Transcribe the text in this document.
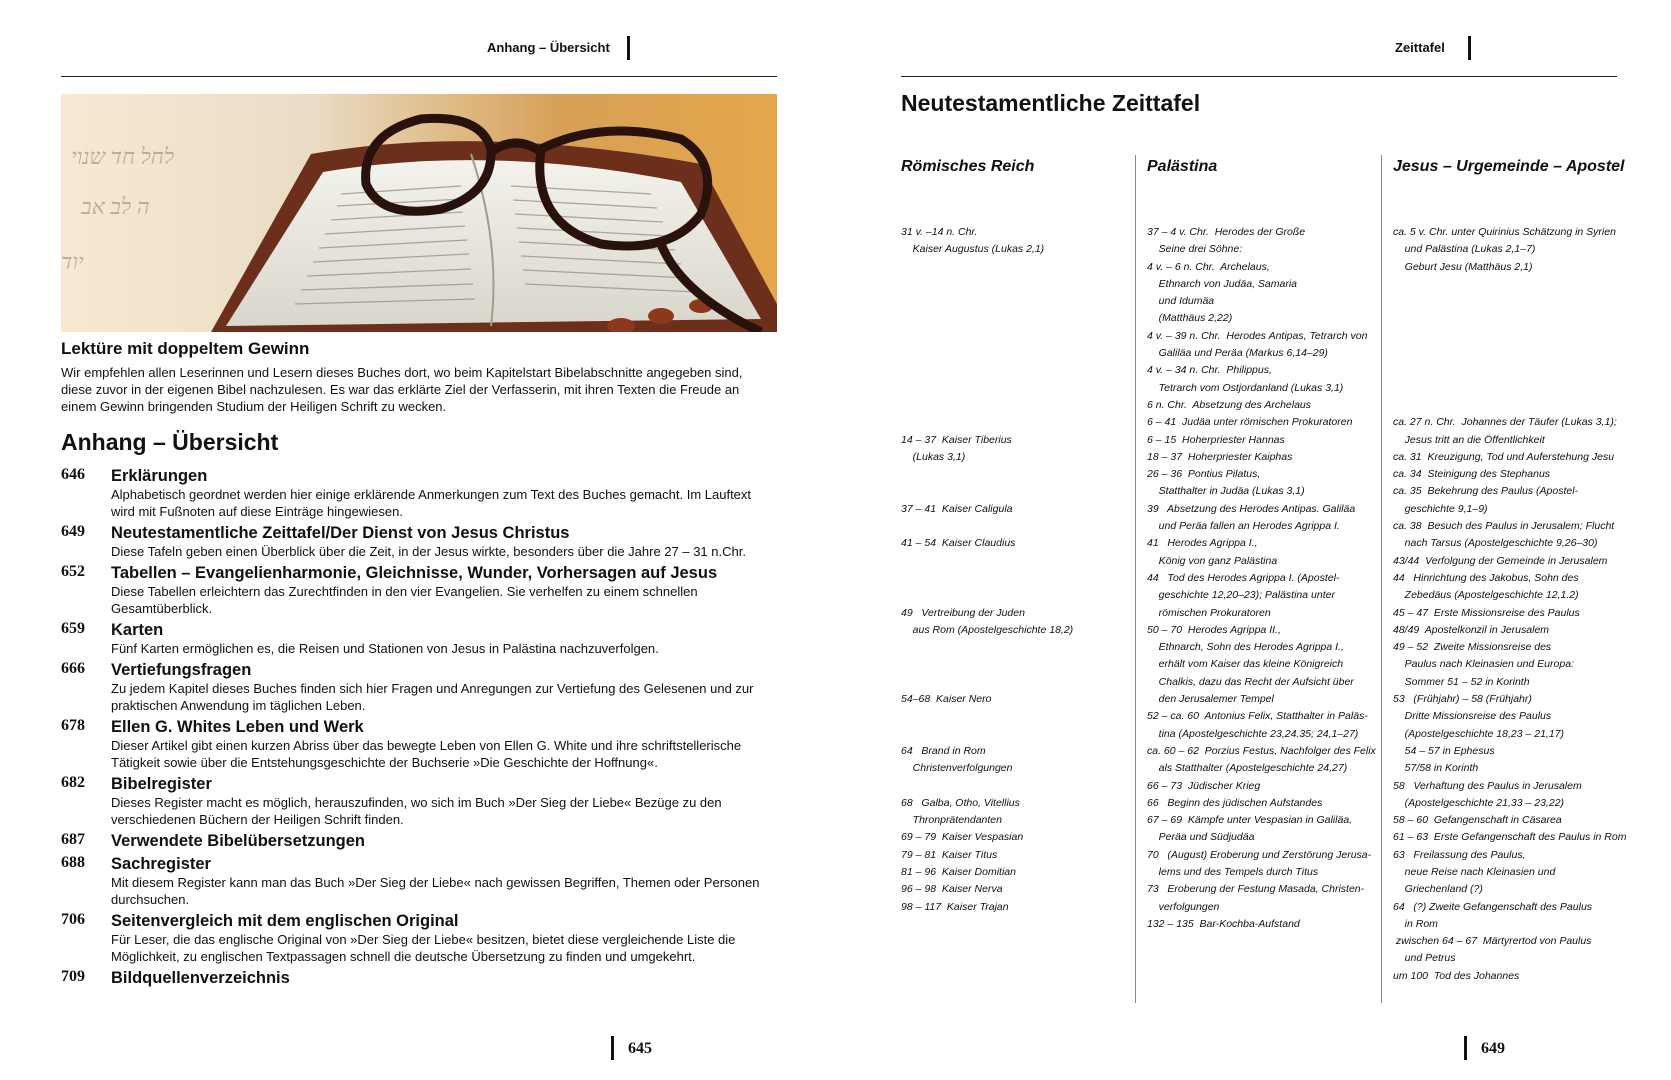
Anhang – Übersicht
לחל חד שנוי
ה לב אב
יוד
Lektüre mit doppeltem Gewinn
Wir empfehlen allen Leserinnen und Lesern dieses Buches dort, wo beim Kapitelstart Bibelabschnitte angegeben sind, diese zuvor in der eigenen Bibel nachzulesen. Es war das erklärte Ziel der Verfasserin, mit ihren Texten die Freude an einem Gewinn bringenden Studium der Heiligen Schrift zu wecken.
Anhang – Übersicht
646 Erklärungen
Alphabetisch geordnet werden hier einige erklärende Anmerkungen zum Text des Buches gemacht. Im Lauftext wird mit Fußnoten auf diese Einträge hingewiesen.
649 Neutestamentliche Zeittafel/Der Dienst von Jesus Christus
Diese Tafeln geben einen Überblick über die Zeit, in der Jesus wirkte, besonders über die Jahre 27 – 31 n.Chr.
652 Tabellen – Evangelienharmonie, Gleichnisse, Wunder, Vorhersagen auf Jesus
Diese Tabellen erleichtern das Zurechtfinden in den vier Evangelien. Sie verhelfen zu einem schnellen Gesamtüberblick.
659 Karten
Fünf Karten ermöglichen es, die Reisen und Stationen von Jesus in Palästina nachzuverfolgen.
666 Vertiefungsfragen
Zu jedem Kapitel dieses Buches finden sich hier Fragen und Anregungen zur Vertiefung des Gelesenen und zur praktischen Anwendung im täglichen Leben.
678 Ellen G. Whites Leben und Werk
Dieser Artikel gibt einen kurzen Abriss über das bewegte Leben von Ellen G. White und ihre schriftstellerische Tätigkeit sowie über die Entstehungsgeschichte der Buchserie »Die Geschichte der Hoffnung«.
682 Bibelregister
Dieses Register macht es möglich, herauszufinden, wo sich im Buch »Der Sieg der Liebe« Bezüge zu den verschiedenen Büchern der Heiligen Schrift finden.
687 Verwendete Bibelübersetzungen
688 Sachregister
Mit diesem Register kann man das Buch »Der Sieg der Liebe« nach gewissen Begriffen, Themen oder Personen durchsuchen.
706 Seitenvergleich mit dem englischen Original
Für Leser, die das englische Original von »Der Sieg der Liebe« besitzen, bietet diese vergleichende Liste die Möglichkeit, zu englischen Textpassagen schnell die deutsche Übersetzung zu finden und umgekehrt.
709 Bildquellenverzeichnis
645
Zeittafel
Neutestamentliche Zeittafel
Römisches Reich
31 v. –14 n. Chr.
Kaiser Augustus (Lukas 2,1)
14 – 37  Kaiser Tiberius
(Lukas 3,1)
37 – 41  Kaiser Caligula
41 – 54  Kaiser Claudius
49   Vertreibung der Juden
aus Rom (Apostelgeschichte 18,2)
54–68  Kaiser Nero
64   Brand in Rom
Christenverfolgungen
68   Galba, Otho, Vitellius
Thronprätendanten
69 – 79  Kaiser Vespasian
79 – 81  Kaiser Titus
81 – 96  Kaiser Domitian
96 – 98  Kaiser Nerva
98 – 117  Kaiser Trajan
Palästina
37 – 4 v. Chr.  Herodes der Große
Seine drei Söhne:
4 v. – 6 n. Chr.  Archelaus,
Ethnarch von Judäa, Samaria
und Idumäa
(Matthäus 2,22)
4 v. – 39 n. Chr.  Herodes Antipas, Tetrarch von
Galiläa und Peräa (Markus 6,14–29)
4 v. – 34 n. Chr.  Philippus,
Tetrarch vom Ostjordanland (Lukas 3,1)
6 n. Chr.  Absetzung des Archelaus
6 – 41  Judäa unter römischen Prokuratoren
6 – 15  Hoherpriester Hannas
18 – 37  Hoherpriester Kaiphas
26 – 36  Pontius Pilatus,
Statthalter in Judäa (Lukas 3,1)
39   Absetzung des Herodes Antipas. Galiläa
und Peräa fallen an Herodes Agrippa I.
41   Herodes Agrippa I.,
König von ganz Palästina
44   Tod des Herodes Agrippa I. (Apostel-
geschichte 12,20–23); Palästina unter
römischen Prokuratoren
50 – 70  Herodes Agrippa II.,
Ethnarch, Sohn des Herodes Agrippa I.,
erhält vom Kaiser das kleine Königreich
Chalkis, dazu das Recht der Aufsicht über
den Jerusalemer Tempel
52 – ca. 60  Antonius Felix, Statthalter in Paläs-
tina (Apostelgeschichte 23,24.35; 24,1–27)
ca. 60 – 62  Porzius Festus, Nachfolger des Felix
als Statthalter (Apostelgeschichte 24,27)
66 – 73  Jüdischer Krieg
66   Beginn des jüdischen Aufstandes
67 – 69  Kämpfe unter Vespasian in Galiläa,
Peräa und Südjudäa
70   (August) Eroberung und Zerstörung Jerusa-
lems und des Tempels durch Titus
73   Eroberung der Festung Masada, Christen-
verfolgungen
132 – 135  Bar-Kochba-Aufstand
Jesus – Urgemeinde – Apostel
ca. 5 v. Chr. unter Quirinius Schätzung in Syrien
und Palästina (Lukas 2,1–7)
Geburt Jesu (Matthäus 2,1)
ca. 27 n. Chr.  Johannes der Täufer (Lukas 3,1);
Jesus tritt an die Öffentlichkeit
ca. 31  Kreuzigung, Tod und Auferstehung Jesu
ca. 34  Steinigung des Stephanus
ca. 35  Bekehrung des Paulus (Apostel-
geschichte 9,1–9)
ca. 38  Besuch des Paulus in Jerusalem; Flucht
nach Tarsus (Apostelgeschichte 9,26–30)
43/44  Verfolgung der Gemeinde in Jerusalem
44   Hinrichtung des Jakobus, Sohn des
Zebedäus (Apostelgeschichte 12,1.2)
45 – 47  Erste Missionsreise des Paulus
48/49  Apostelkonzil in Jerusalem
49 – 52  Zweite Missionsreise des
Paulus nach Kleinasien und Europa:
Sommer 51 – 52 in Korinth
53   (Frühjahr) – 58 (Frühjahr)
Dritte Missionsreise des Paulus
(Apostelgeschichte 18,23 – 21,17)
54 – 57 in Ephesus
57/58 in Korinth
58   Verhaftung des Paulus in Jerusalem
(Apostelgeschichte 21,33 – 23,22)
58 – 60  Gefangenschaft in Cäsarea
61 – 63  Erste Gefangenschaft des Paulus in Rom
63   Freilassung des Paulus,
neue Reise nach Kleinasien und
Griechenland (?)
64   (?) Zweite Gefangenschaft des Paulus
in Rom
zwischen 64 – 67  Märtyrertod von Paulus
und Petrus
um 100  Tod des Johannes
649
